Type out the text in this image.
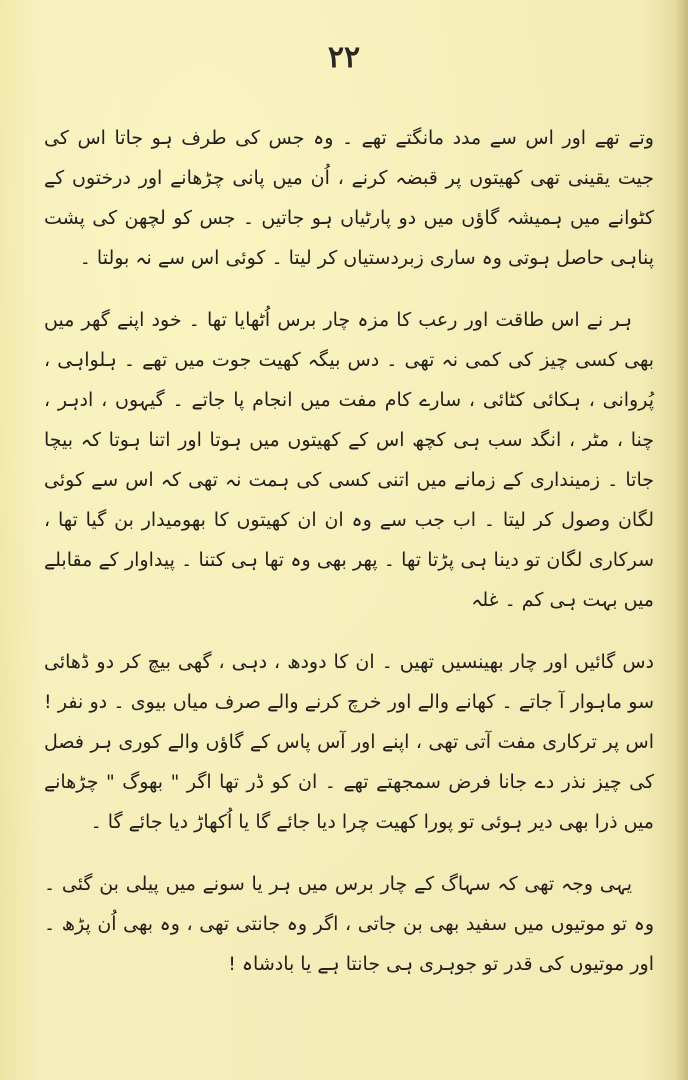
۲۲

وتے تھے اور اس سے مدد مانگتے تھے ۔ وہ جس کی طرف ہو جاتا اس کی جیت یقینی تھی کھیتوں پر قبضہ کرنے ، اُن میں پانی چڑھانے اور درختوں کے کٹوانے میں ہمیشہ گاؤں میں دو پارٹیاں ہو جاتیں ۔ جس کو لچھن کی پشت پناہی حاصل ہوتی وہ ساری زبردستیاں کر لیتا ۔ کوئی اس سے نہ بولتا ۔

ہر نے اس طاقت اور رعب کا مزہ چار برس اُٹھایا تھا ۔ خود اپنے گھر میں بھی کسی چیز کی کمی نہ تھی ۔ دس بیگہ کھیت جوت میں تھے ۔ ہلواہی ، پُروانی ، ہکائی کٹائی ، سارے کام مفت میں انجام پا جاتے ۔ گیہوں ، ادہر ، چنا ، مٹر ، انگد سب ہی کچھ اس کے کھیتوں میں ہوتا اور اتنا ہوتا کہ بیچا جاتا ۔ زمینداری کے زمانے میں اتنی کسی کی ہمت نہ تھی کہ اس سے کوئی لگان وصول کر لیتا ۔ اب جب سے وہ ان ان کھیتوں کا بھومیدار بن گیا تھا ، سرکاری لگان تو دینا ہی پڑتا تھا ۔ پھر بھی وہ تھا ہی کتنا ۔ پیداوار کے مقابلے میں بہت ہی کم ۔ غلہ

دس گائیں اور چار بھینسیں تھیں ۔ ان کا دودھ ، دہی ، گھی بیچ کر دو ڈھائی سو ماہوار آ جاتے ۔ کھانے والے اور خرچ کرنے والے صرف میاں بیوی ۔ دو نفر ! اس پر ترکاری مفت آتی تھی ، اپنے اور آس پاس کے گاؤں والے کوری ہر فصل کی چیز نذر دے جانا فرض سمجھتے تھے ۔ ان کو ڈر تھا اگر " بھوگ " چڑھانے میں ذرا بھی دیر ہوئی تو پورا کھیت چرا دیا جائے گا یا اُکھاڑ دیا جائے گا ۔

یہی وجہ تھی کہ سہاگ کے چار برس میں ہر یا سونے میں پیلی بن گئی ۔ وہ تو موتیوں میں سفید بھی بن جاتی ، اگر وہ جانتی تھی ، وہ بھی اُن پڑھ ۔ اور موتیوں کی قدر تو جوہری ہی جانتا ہے یا بادشاہ !
